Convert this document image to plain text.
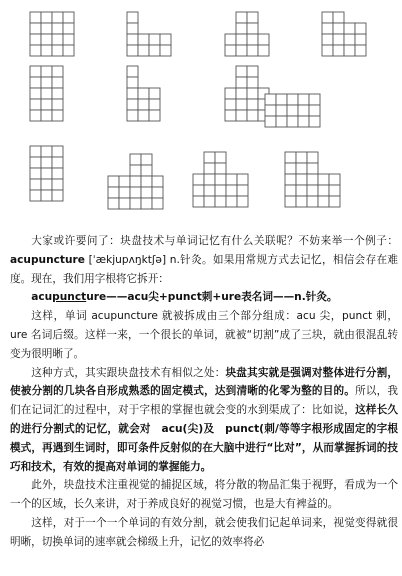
大家或许要问了：块盘技术与单词记忆有什么关联呢？不妨来举一个例子：acupuncture [ˈækjupʌŋktʃə] n.针灸。如果用常规方式去记忆，相信会存在难度。现在，我们用字根将它拆开：

acupuncture——acu尖+punct刺+ure表名词——n.针灸。

这样，单词 acupuncture 就被拆成由三个部分组成：acu 尖，punct 刺，ure 名词后缀。这样一来，一个很长的单词，就被“切割”成了三块，就由很混乱转变为很明晰了。

这种方式，其实跟块盘技术有相似之处：块盘其实就是强调对整体进行分割，使被分割的几块各自形成熟悉的固定模式，达到清晰的化零为整的目的。所以，我们在记词汇的过程中，对于字根的掌握也就会变的水到渠成了：比如说，这样长久的进行分割式的记忆，就会对　acu(尖)及　punct(刺/等等字根形成固定的字根模式，再遇到生词时，即可条件反射似的在大脑中进行“比对”，从而掌握拆词的技巧和技术，有效的提高对单词的掌握能力。

此外，块盘技术注重视觉的捕捉区域，将分散的物品汇集于视野，看成为一个一个的区域，长久来讲，对于养成良好的视觉习惯，也是大有裨益的。

这样，对于一个一个单词的有效分割，就会使我们记起单词来，视觉变得就很明晰，切换单词的速率就会梯级上升，记忆的效率将必
